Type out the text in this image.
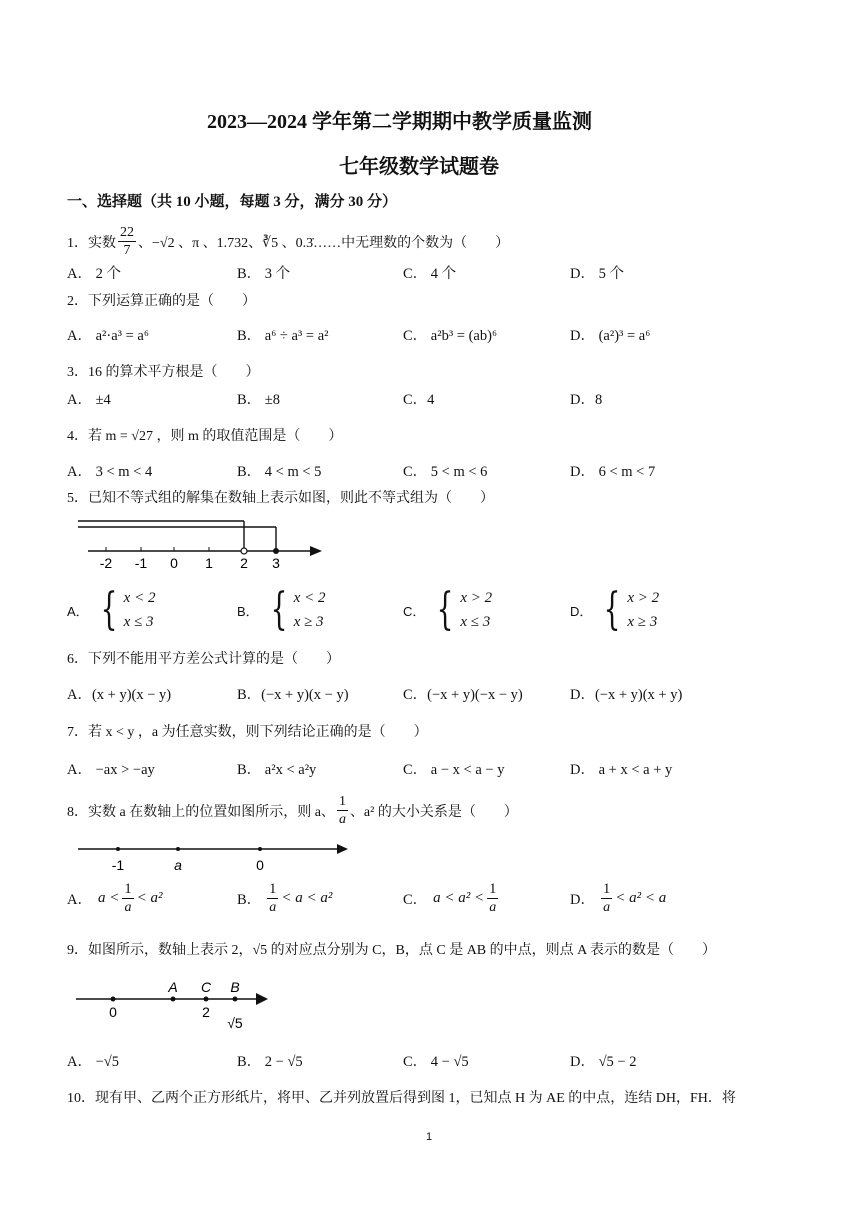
2023—2024 学年第二学期期中教学质量监测
七年级数学试题卷
一、选择题（共 10 小题，每题 3 分，满分 30 分）
1．实数 $\frac{22}{7}$ 、−√2 、π 、1.732、∛5 、0.3̇……中无理数的个数为（　　）
A． 2 个	B． 3 个	C． 4 个	D． 5 个
2．下列运算正确的是（　　）
A． a²·a³ = a⁶	B． a⁶ ÷ a³ = a²	C． a²b³ = (ab)⁶	D． (a²)³ = a⁶
3．16 的算术平方根是（　　）
A． ±4	B． ±8	C．4	D．8
4．若 m = √27 ，则 m 的取值范围是（　　）
A． 3 < m < 4	B． 4 < m < 5	C． 5 < m < 6	D． 6 < m < 7
5．已知不等式组的解集在数轴上表示如图，则此不等式组为（　　）
-2 -1 0 1 2 3
A． { x < 2
x ≤ 3
B． { x < 2
x ≥ 3
C． { x > 2
x ≤ 3
D． { x > 2
x ≥ 3
6．下列不能用平方差公式计算的是（　　）
A．(x + y)(x − y)	B．(−x + y)(x − y)	C．(−x + y)(−x − y)	D．(−x + y)(x + y)
7．若 x < y ，a 为任意实数，则下列结论正确的是（　　）
A． −ax > −ay	B． a²x < a²y	C． a − x < a − y	D． a + x < a + y
8．实数 a 在数轴上的位置如图所示，则 a、 $\frac{1}{a}$ 、a² 的大小关系是（　　）
-1	a	0
A． $a < \frac{1}{a} < a^2$	B． $\frac{1}{a} < a < a^2$	C． $a < a^2 < \frac{1}{a}$	D． $\frac{1}{a} < a^2 < a$
9．如图所示，数轴上表示 2，√5 的对应点分别为 C，B，点 C 是 AB 的中点，则点 A 表示的数是（　　）
0
A C B
2
√5
A． −√5	B． 2 − √5	C． 4 − √5	D． √5 − 2
10．现有甲、乙两个正方形纸片，将甲、乙并列放置后得到图 1，已知点 H 为 AE 的中点，连结 DH，FH．将
1
